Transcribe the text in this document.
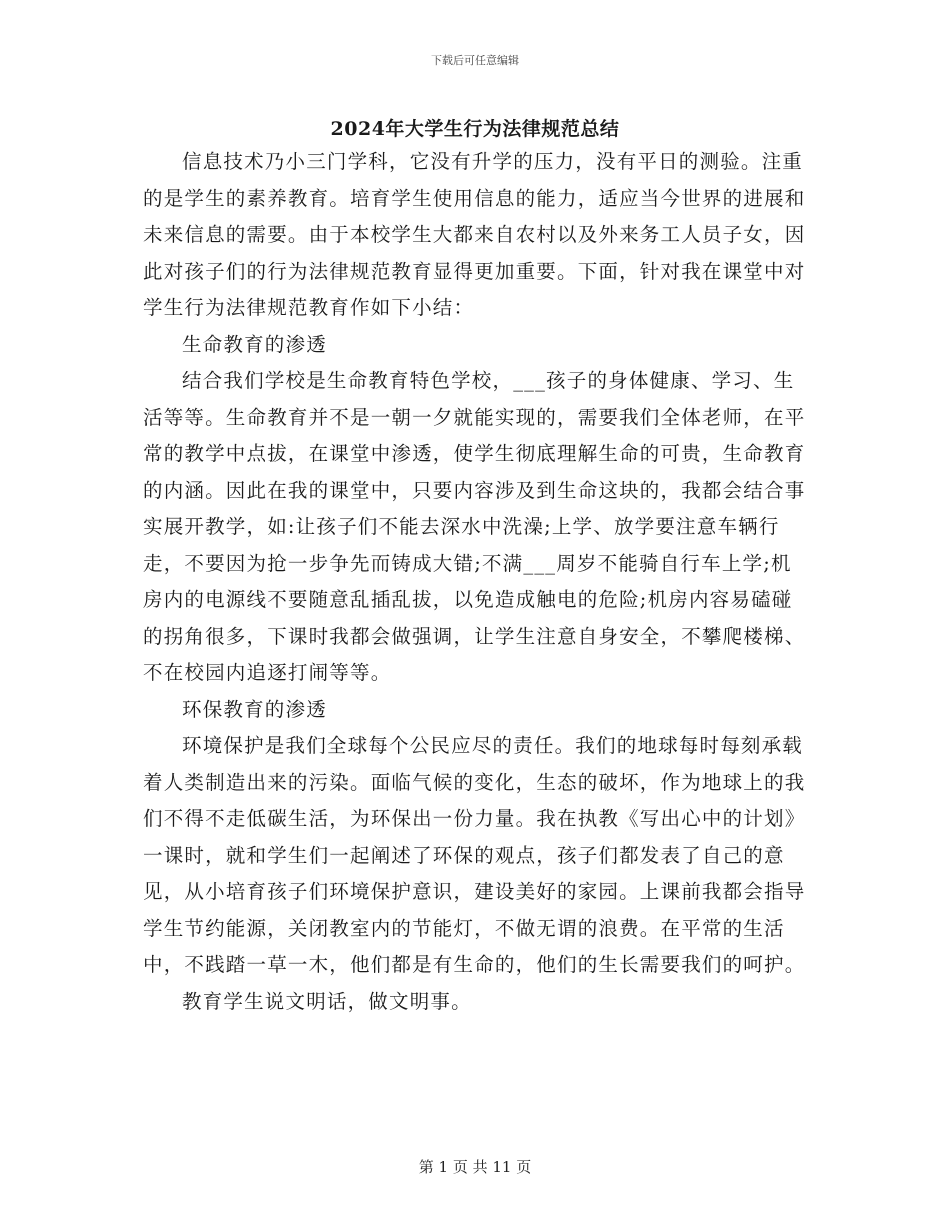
下载后可任意编辑
2024年大学生行为法律规范总结

信息技术乃小三门学科，它没有升学的压力，没有平日的测验。注重的是学生的素养教育。培育学生使用信息的能力，适应当今世界的进展和未来信息的需要。由于本校学生大都来自农村以及外来务工人员子女，因此对孩子们的行为法律规范教育显得更加重要。下面，针对我在课堂中对学生行为法律规范教育作如下小结：

生命教育的渗透

结合我们学校是生命教育特色学校，___孩子的身体健康、学习、生活等等。生命教育并不是一朝一夕就能实现的，需要我们全体老师，在平常的教学中点拔，在课堂中渗透，使学生彻底理解生命的可贵，生命教育的内涵。因此在我的课堂中，只要内容涉及到生命这块的，我都会结合事实展开教学，如:让孩子们不能去深水中洗澡;上学、放学要注意车辆行走，不要因为抢一步争先而铸成大错;不满___周岁不能骑自行车上学;机房内的电源线不要随意乱插乱拔，以免造成触电的危险;机房内容易磕碰的拐角很多，下课时我都会做强调，让学生注意自身安全，不攀爬楼梯、不在校园内追逐打闹等等。

环保教育的渗透

环境保护是我们全球每个公民应尽的责任。我们的地球每时每刻承载着人类制造出来的污染。面临气候的变化，生态的破坏，作为地球上的我们不得不走低碳生活，为环保出一份力量。我在执教《写出心中的计划》一课时，就和学生们一起阐述了环保的观点，孩子们都发表了自己的意见，从小培育孩子们环境保护意识，建设美好的家园。上课前我都会指导学生节约能源，关闭教室内的节能灯，不做无谓的浪费。在平常的生活中，不践踏一草一木，他们都是有生命的，他们的生长需要我们的呵护。

教育学生说文明话，做文明事。

第 1 页 共 11 页
